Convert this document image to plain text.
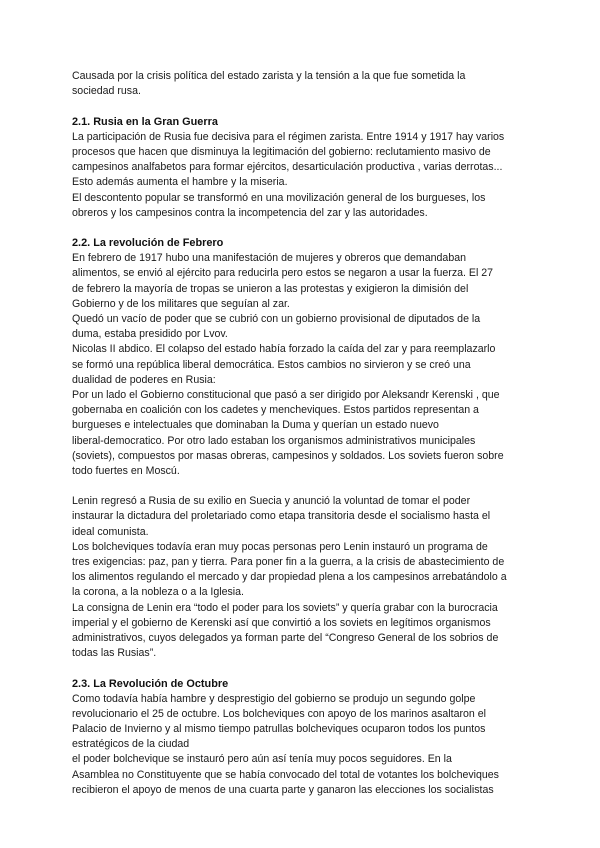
Causada por la crisis política del estado zarista y la tensión a la que fue sometida la
sociedad rusa.
2.1. Rusia en la Gran Guerra
La participación de Rusia fue decisiva para el régimen zarista. Entre 1914 y 1917 hay varios
procesos que hacen que disminuya la legitimación del gobierno: reclutamiento masivo de
campesinos analfabetos para formar ejércitos, desarticulación productiva , varias derrotas...
Esto además aumenta el hambre y la miseria.
El descontento popular se transformó en una movilización general de los burgueses, los
obreros y los campesinos contra la incompetencia del zar y las autoridades.
2.2. La revolución de Febrero
En febrero de 1917 hubo una manifestación de mujeres y obreros que demandaban
alimentos, se envió al ejército para reducirla pero estos se negaron a usar la fuerza. El 27
de febrero la mayoría de tropas se unieron a las protestas y exigieron la dimisión del
Gobierno y de los militares que seguían al zar.
Quedó un vacío de poder que se cubrió con un gobierno provisional de diputados de la
duma, estaba presidido por Lvov.
Nicolas II abdico. El colapso del estado había forzado la caída del zar y para reemplazarlo
se formó una república liberal democrática. Estos cambios no sirvieron y se creó una
dualidad de poderes en Rusia:
Por un lado el Gobierno constitucional que pasó a ser dirigido por Aleksandr Kerenski , que
gobernaba en coalición con los cadetes y mencheviques. Estos partidos representan a
burgueses e intelectuales que dominaban la Duma y querían un estado nuevo
liberal-democratico. Por otro lado estaban los organismos administrativos municipales
(soviets), compuestos por masas obreras, campesinos y soldados. Los soviets fueron sobre
todo fuertes en Moscú.
Lenin regresó a Rusia de su exilio en Suecia y anunció la voluntad de tomar el poder
instaurar la dictadura del proletariado como etapa transitoria desde el socialismo hasta el
ideal comunista.
Los bolcheviques todavía eran muy pocas personas pero Lenin instauró un programa de
tres exigencias: paz, pan y tierra. Para poner fin a la guerra, a la crisis de abastecimiento de
los alimentos regulando el mercado y dar propiedad plena a los campesinos arrebatándolo a
la corona, a la nobleza o a la Iglesia.
La consigna de Lenin era “todo el poder para los soviets” y quería grabar con la burocracia
imperial y el gobierno de Kerenski así que convirtió a los soviets en legítimos organismos
administrativos, cuyos delegados ya forman parte del “Congreso General de los sobrios de
todas las Rusias”.
2.3. La Revolución de Octubre
Como todavía había hambre y desprestigio del gobierno se produjo un segundo golpe
revolucionario el 25 de octubre. Los bolcheviques con apoyo de los marinos asaltaron el
Palacio de Invierno y al mismo tiempo patrullas bolcheviques ocuparon todos los puntos
estratégicos de la ciudad
el poder bolchevique se instauró pero aún así tenía muy pocos seguidores. En la
Asamblea no Constituyente que se había convocado del total de votantes los bolcheviques
recibieron el apoyo de menos de una cuarta parte y ganaron las elecciones los socialistas
